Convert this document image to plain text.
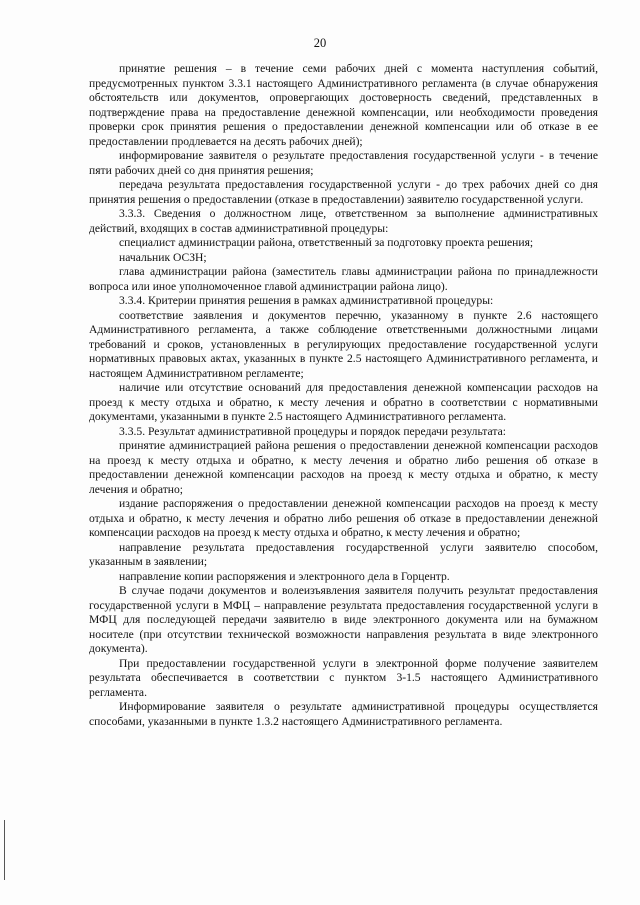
20

принятие решения – в течение семи рабочих дней с момента наступления событий, предусмотренных пунктом 3.3.1 настоящего Административного регламента (в случае обнаружения обстоятельств или документов, опровергающих достоверность сведений, представленных в подтверждение права на предоставление денежной компенсации, или необходимости проведения проверки срок принятия решения о предоставлении денежной компенсации или об отказе в ее предоставлении продлевается на десять рабочих дней);

информирование заявителя о результате предоставления государственной услуги - в течение пяти рабочих дней со дня принятия решения;

передача результата предоставления государственной услуги - до трех рабочих дней со дня принятия решения о предоставлении (отказе в предоставлении) заявителю государственной услуги.

3.3.3. Сведения о должностном лице, ответственном за выполнение административных действий, входящих в состав административной процедуры:

специалист администрации района, ответственный за подготовку проекта решения;

начальник ОСЗН;

глава администрации района (заместитель главы администрации района по принадлежности вопроса или иное уполномоченное главой администрации района лицо).

3.3.4. Критерии принятия решения в рамках административной процедуры:

соответствие заявления и документов перечню, указанному в пункте 2.6 настоящего Административного регламента, а также соблюдение ответственными должностными лицами требований и сроков, установленных в регулирующих предоставление государственной услуги нормативных правовых актах, указанных в пункте 2.5 настоящего Административного регламента, и настоящем Административном регламенте;

наличие или отсутствие оснований для предоставления денежной компенсации расходов на проезд к месту отдыха и обратно, к месту лечения и обратно в соответствии с нормативными документами, указанными в пункте 2.5 настоящего Административного регламента.

3.3.5. Результат административной процедуры и порядок передачи результата:

принятие администрацией района решения о предоставлении денежной компенсации расходов на проезд к месту отдыха и обратно, к месту лечения и обратно либо решения об отказе в предоставлении денежной компенсации расходов на проезд к месту отдыха и обратно, к месту лечения и обратно;

издание распоряжения о предоставлении денежной компенсации расходов на проезд к месту отдыха и обратно, к месту лечения и обратно либо решения об отказе в предоставлении денежной компенсации расходов на проезд к месту отдыха и обратно, к месту лечения и обратно;

направление результата предоставления государственной услуги заявителю способом, указанным в заявлении;

направление копии распоряжения и электронного дела в Горцентр.

В случае подачи документов и волеизъявления заявителя получить результат предоставления государственной услуги в МФЦ – направление результата предоставления государственной услуги в МФЦ для последующей передачи заявителю в виде электронного документа или на бумажном носителе (при отсутствии технической возможности направления результата в виде электронного документа).

При предоставлении государственной услуги в электронной форме получение заявителем результата обеспечивается в соответствии с пунктом 3-1.5 настоящего Административного регламента.

Информирование заявителя о результате административной процедуры осуществляется способами, указанными в пункте 1.3.2 настоящего Административного регламента.
